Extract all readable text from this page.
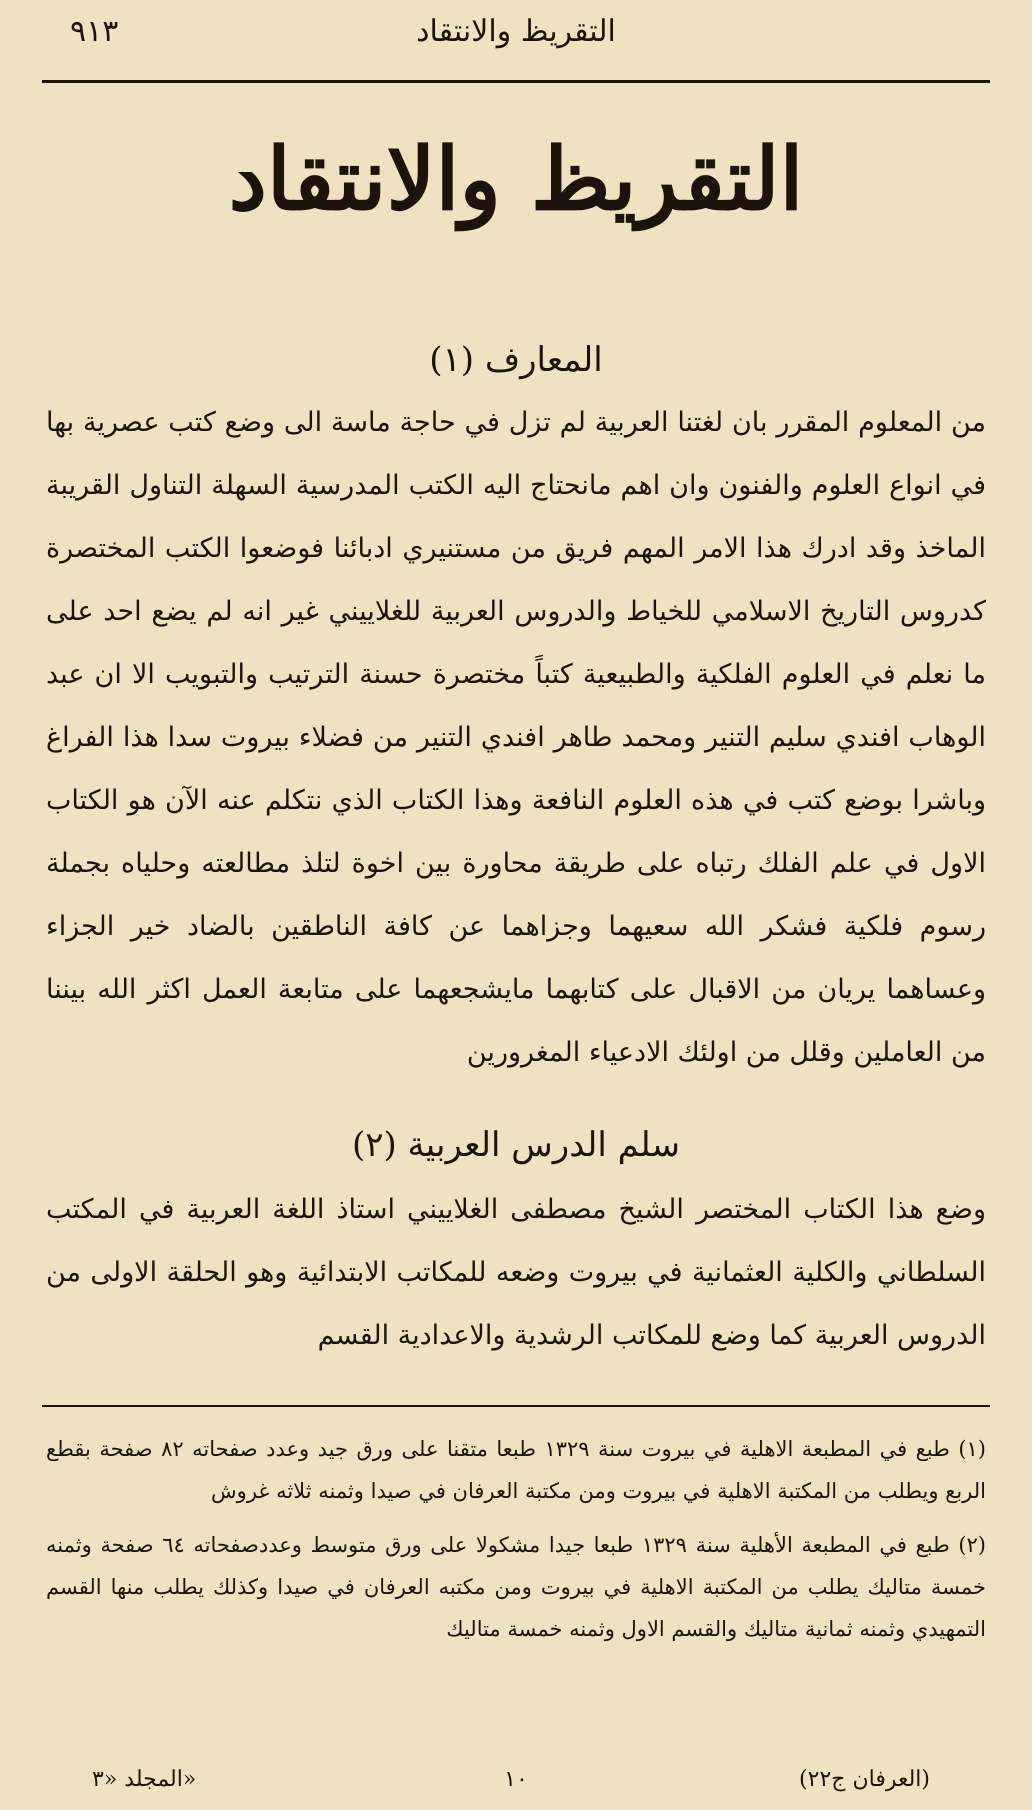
التقريظ والانتقاد
٩١٣
التقريظ والانتقاد
المعارف (١)

من المعلوم المقرر بان لغتنا العربية لم تزل في حاجة ماسة الى وضع كتب عصرية بها في انواع العلوم والفنون وان اهم مانحتاج اليه الكتب المدرسية السهلة التناول القريبة الماخذ وقد ادرك هذا الامر المهم فريق من مستنيري ادبائنا فوضعوا الكتب المختصرة كدروس التاريخ الاسلامي للخياط والدروس العربية للغلاييني غير انه لم يضع احد على ما نعلم في العلوم الفلكية والطبيعية كتباً مختصرة حسنة الترتيب والتبويب الا ان عبد الوهاب افندي سليم التنير ومحمد طاهر افندي التنير من فضلاء بيروت سدا هذا الفراغ وباشرا بوضع كتب في هذه العلوم النافعة وهذا الكتاب الذي نتكلم عنه الآن هو الكتاب الاول في علم الفلك رتباه على طريقة محاورة بين اخوة لتلذ مطالعته وحلياه بجملة رسوم فلكية فشكر الله سعيهما وجزاهما عن كافة الناطقين بالضاد خير الجزاء وعساهما يريان من الاقبال على كتابهما مايشجعهما على متابعة العمل اكثر الله بيننا من العاملين وقلل من اولئك الادعياء المغرورين

سلم الدرس العربية (٢)

وضع هذا الكتاب المختصر الشيخ مصطفى الغلاييني استاذ اللغة العربية في المكتب السلطاني والكلية العثمانية في بيروت وضعه للمكاتب الابتدائية وهو الحلقة الاولى من الدروس العربية كما وضع للمكاتب الرشدية والاعدادية القسم

(١) طبع في المطبعة الاهلية في بيروت سنة ١٣٢٩ طبعا متقنا على ورق جيد وعدد صفحاته ٨٢ صفحة بقطع الربع ويطلب من المكتبة الاهلية في بيروت ومن مكتبة العرفان في صيدا وثمنه ثلاثه غروش

(٢) طبع في المطبعة الأهلية سنة ١٣٢٩ طبعا جيدا مشكولا على ورق متوسط وعددصفحاته ٦٤ صفحة وثمنه خمسة متاليك يطلب من المكتبة الاهلية في بيروت ومن مكتبه العرفان في صيدا وكذلك يطلب منها القسم التمهيدي وثمنه ثمانية متاليك والقسم الاول وثمنه خمسة متاليك

(العرفان ج٢٢)
١٠
«المجلد «٣
